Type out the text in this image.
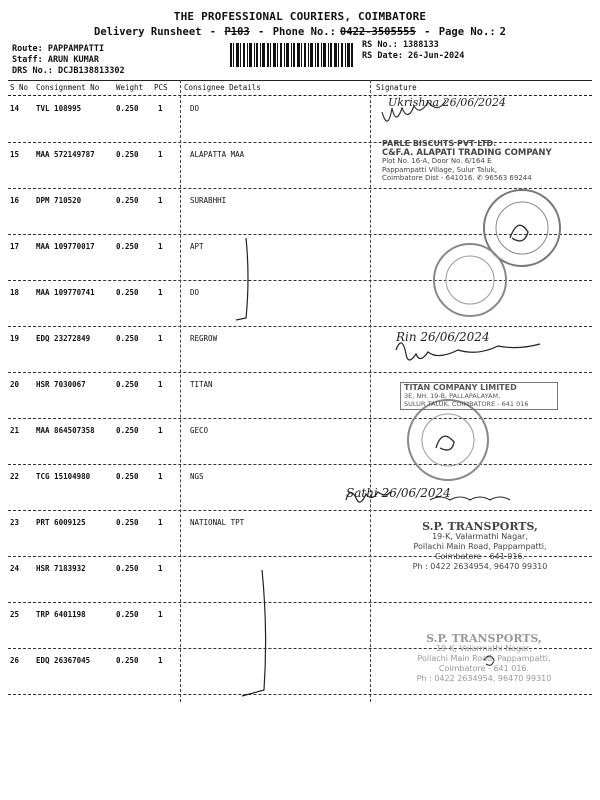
THE PROFESSIONAL COURIERS, COIMBATORE
Delivery Runsheet - P103 - Phone No.: 0422-3505555 - Page No.: 2
Route: PAPPAMPATTI
Staff: ARUN KUMAR
DRS No.: DCJB138813302
RS No.: 1388133
RS Date: 26-Jun-2024
S No Consignment No Weight PCS Consignee Details	Signature
14 TVL 108995	0.250	1	DO
15 MAA 572149787	0.250	1	ALAPATTA MAA
16 DPM 710520	0.250	1	SURABHHI
17 MAA 109770017	0.250	1	APT
18 MAA 109770741	0.250	1	DO
19 EDQ 23272849	0.250	1	REGROW
20 HSR 7030067	0.250	1	TITAN
21 MAA 864507358	0.250	1	GECO
22 TCG 15104980	0.250	1	NGS
23 PRT 6009125	0.250	1	NATIONAL TPT
24 HSR 7183932	0.250	1
25 TRP 6401198	0.250	1
26 EDQ 26367045	0.250	1
PARLE BISCUITS PVT LTD.
C&F.A. ALAPATI TRADING COMPANY
Plot No. 16-A, Door No. 6/164 E
Pappampatti Village, Sulur Taluk,
Coimbatore Dist - 641016. ✆ 96563 69244
TITAN COMPANY LIMITED
3E, NH. 19-B, PALLAPALAYAM,
SULUR TALUK, COIMBATORE - 641 016
S.P. TRANSPORTS,
19-K, Valarmathi Nagar,
Pollachi Main Road, Pappampatti,
Coimbatore - 641 016.
Ph : 0422 2634954, 96470 99310
S.P. TRANSPORTS,
19-K, Valarmathi Nagar,
Pollachi Main Road, Pappampatti,
Coimbatore - 641 016.
Ph : 0422 2634954, 96470 99310
Ukrishna 26/06/2024
Rin 26/06/2024
Sathi 26/06/2024
